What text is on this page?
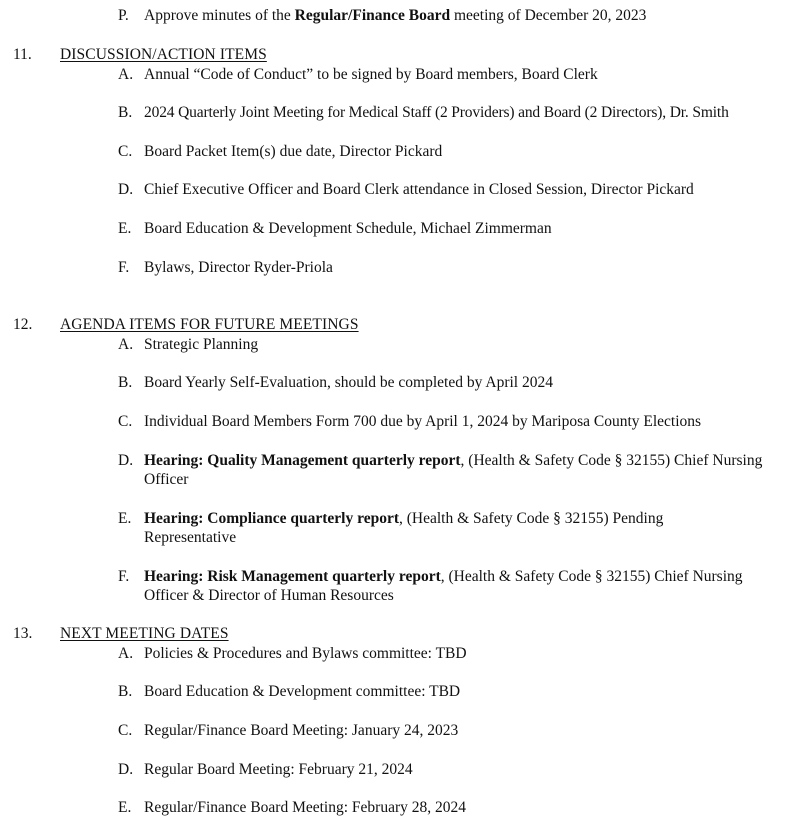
P. Approve minutes of the Regular/Finance Board meeting of December 20, 2023
11. DISCUSSION/ACTION ITEMS
A. Annual “Code of Conduct” to be signed by Board members, Board Clerk
B. 2024 Quarterly Joint Meeting for Medical Staff (2 Providers) and Board (2 Directors), Dr. Smith
C. Board Packet Item(s) due date, Director Pickard
D. Chief Executive Officer and Board Clerk attendance in Closed Session, Director Pickard
E. Board Education & Development Schedule, Michael Zimmerman
F. Bylaws, Director Ryder-Priola
12. AGENDA ITEMS FOR FUTURE MEETINGS
A. Strategic Planning
B. Board Yearly Self-Evaluation, should be completed by April 2024
C. Individual Board Members Form 700 due by April 1, 2024 by Mariposa County Elections
D. Hearing: Quality Management quarterly report, (Health & Safety Code § 32155) Chief Nursing Officer
E. Hearing: Compliance quarterly report, (Health & Safety Code § 32155) Pending Representative
F. Hearing: Risk Management quarterly report, (Health & Safety Code § 32155) Chief Nursing Officer & Director of Human Resources
13. NEXT MEETING DATES
A. Policies & Procedures and Bylaws committee: TBD
B. Board Education & Development committee: TBD
C. Regular/Finance Board Meeting: January 24, 2023
D. Regular Board Meeting: February 21, 2024
E. Regular/Finance Board Meeting: February 28, 2024
